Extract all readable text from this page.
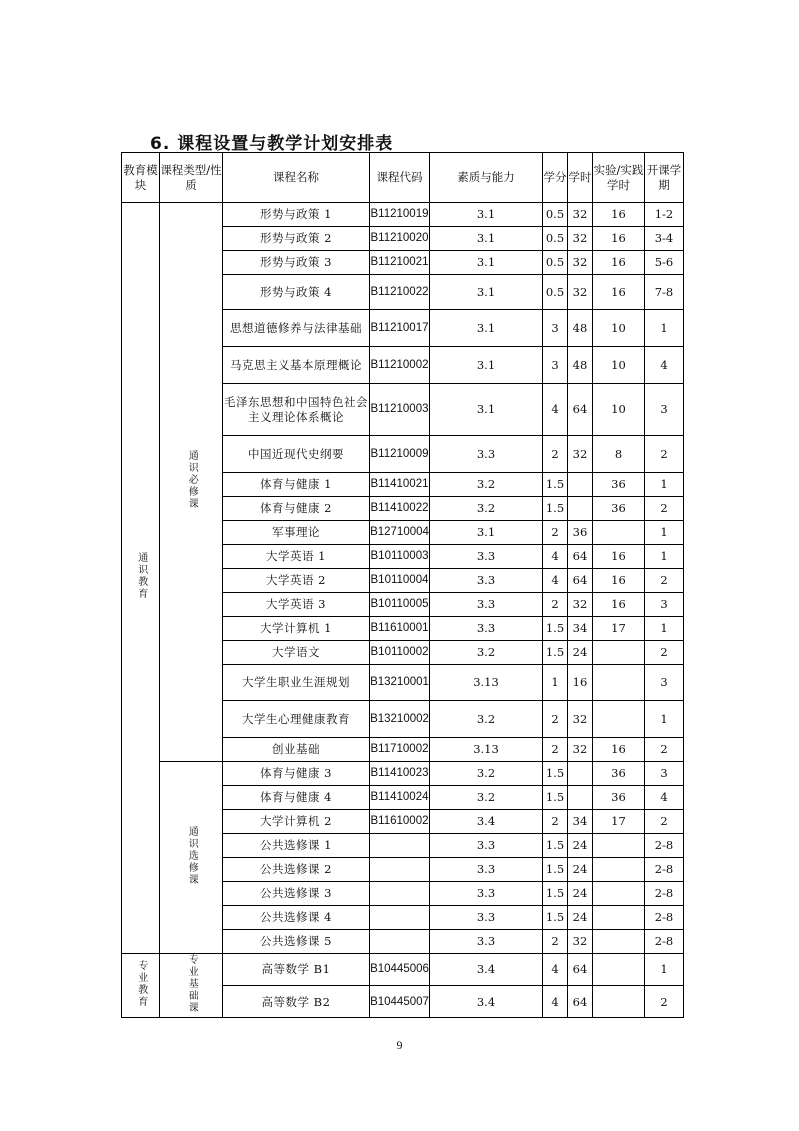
6. 课程设置与教学计划安排表
教育模块	课程类型/性质	课程名称	课程代码	素质与能力	学分	学时	实验/实践学时	开课学期
通识教育	通识必修课	形势与政策 1	B11210019	3.1	0.5	32	16	1-2
		形势与政策 2	B11210020	3.1	0.5	32	16	3-4
		形势与政策 3	B11210021	3.1	0.5	32	16	5-6
		形势与政策 4	B11210022	3.1	0.5	32	16	7-8
		思想道德修养与法律基础	B11210017	3.1	3	48	10	1
		马克思主义基本原理概论	B11210002	3.1	3	48	10	4
		毛泽东思想和中国特色社会主义理论体系概论	B11210003	3.1	4	64	10	3
		中国近现代史纲要	B11210009	3.3	2	32	8	2
		体育与健康 1	B11410021	3.2	1.5		36	1
		体育与健康 2	B11410022	3.2	1.5		36	2
		军事理论	B12710004	3.1	2	36		1
		大学英语 1	B10110003	3.3	4	64	16	1
		大学英语 2	B10110004	3.3	4	64	16	2
		大学英语 3	B10110005	3.3	2	32	16	3
		大学计算机 1	B11610001	3.3	1.5	34	17	1
		大学语文	B10110002	3.2	1.5	24		2
		大学生职业生涯规划	B13210001	3.13	1	16		3
		大学生心理健康教育	B13210002	3.2	2	32		1
		创业基础	B11710002	3.13	2	32	16	2
	通识选修课	体育与健康 3	B11410023	3.2	1.5		36	3
		体育与健康 4	B11410024	3.2	1.5		36	4
		大学计算机 2	B11610002	3.4	2	34	17	2
		公共选修课 1		3.3	1.5	24		2-8
		公共选修课 2		3.3	1.5	24		2-8
		公共选修课 3		3.3	1.5	24		2-8
		公共选修课 4		3.3	1.5	24		2-8
		公共选修课 5		3.3	2	32		2-8
专业教育	专业基础课	高等数学 B1	B10445006	3.4	4	64		1
		高等数学 B2	B10445007	3.4	4	64		2
9
